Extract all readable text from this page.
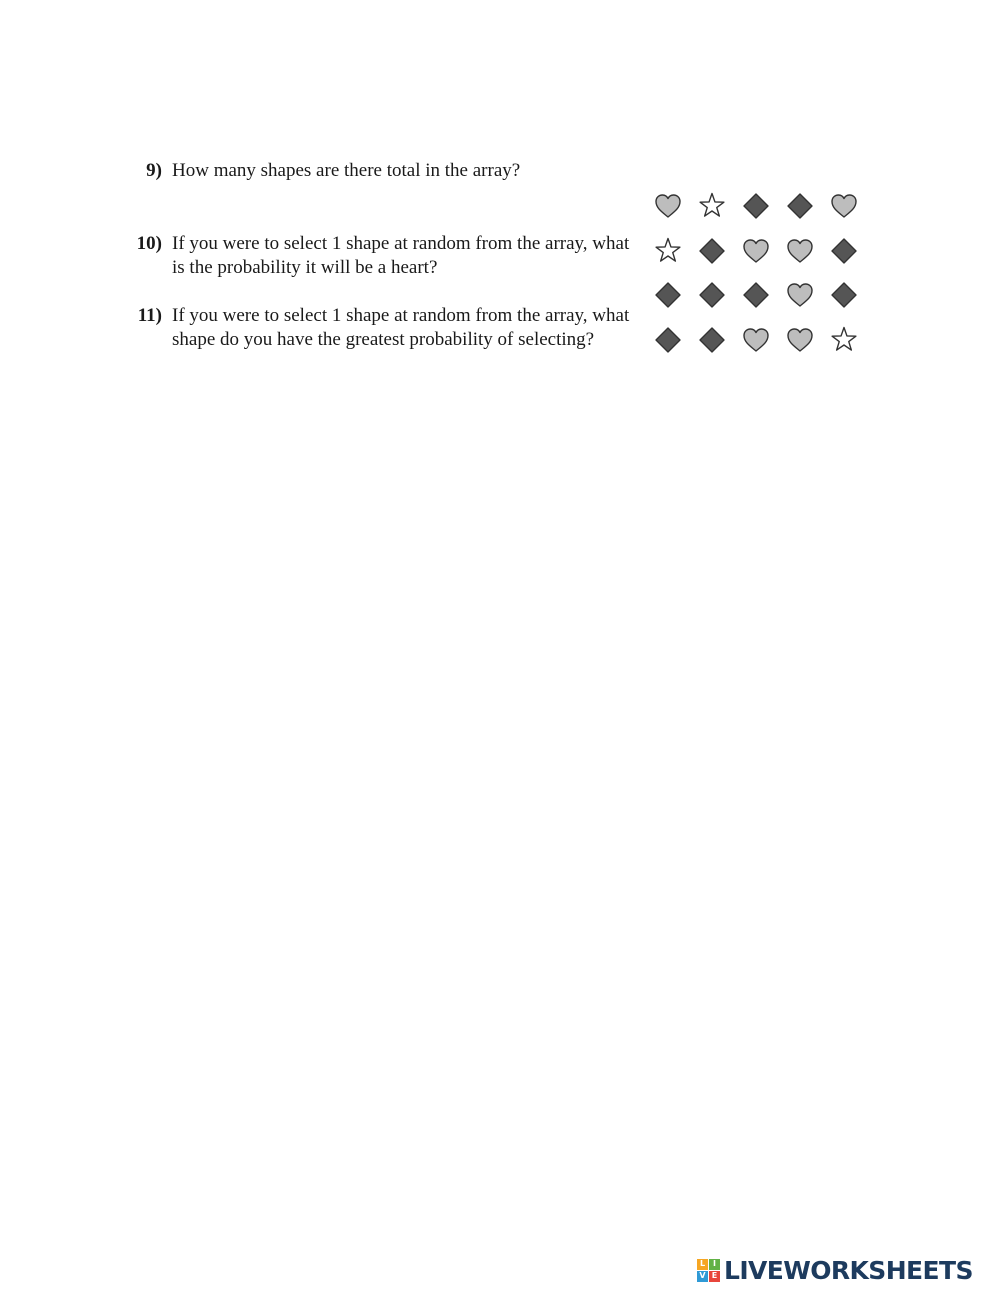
9) How many shapes are there total in the array?
10) If you were to select 1 shape at random from the array, what is the probability it will be a heart?
11) If you were to select 1 shape at random from the array, what shape do you have the greatest probability of selecting?
L I
V E LIVEWORKSHEETS
